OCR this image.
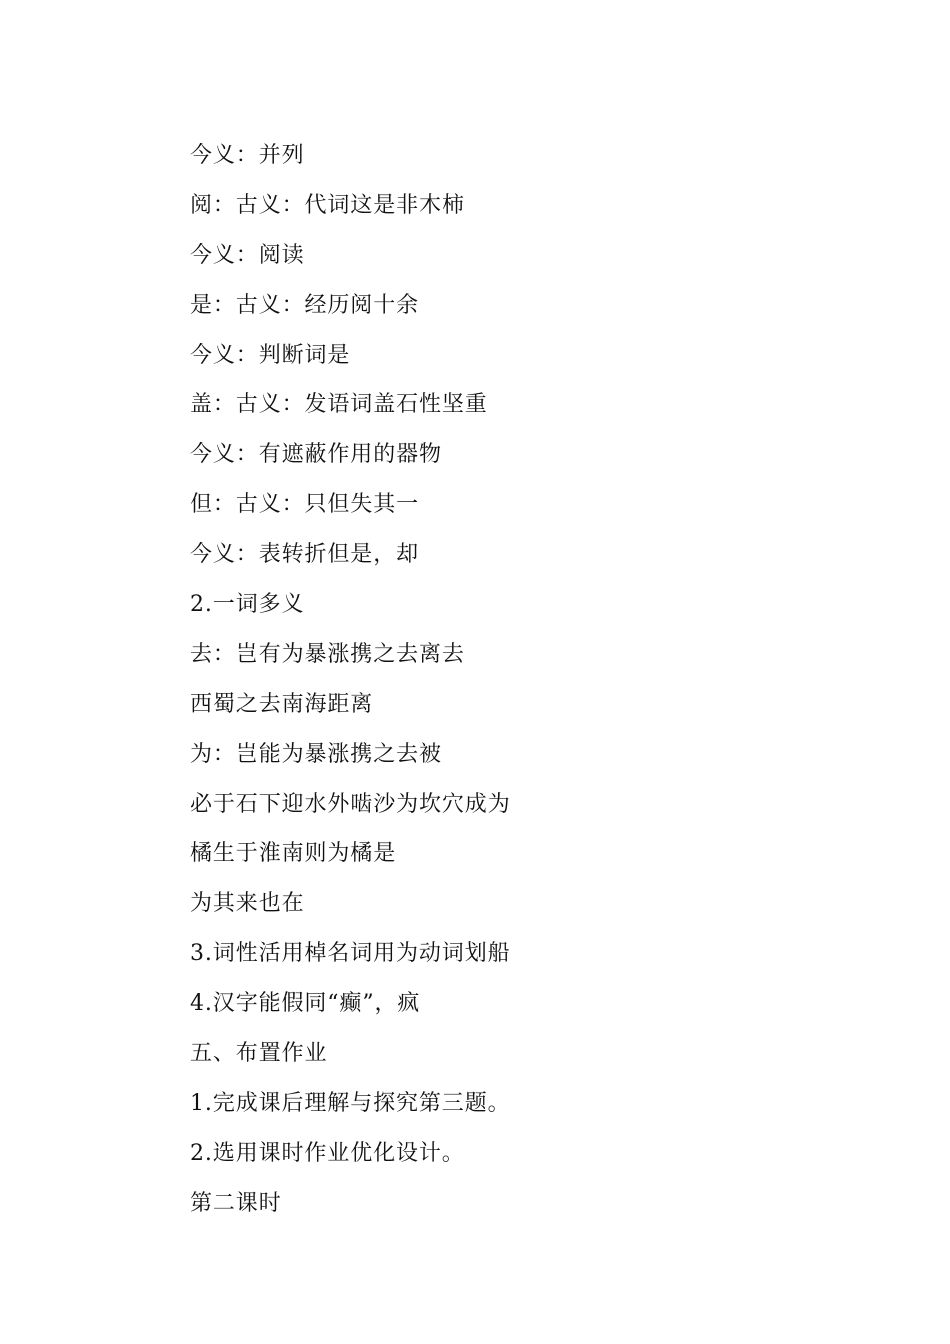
今义：并列

阅：古义：代词这是非木柿

今义：阅读

是：古义：经历阅十余

今义：判断词是

盖：古义：发语词盖石性坚重

今义：有遮蔽作用的器物

但：古义：只但失其一

今义：表转折但是，却

2.一词多义

去：岂有为暴涨携之去离去

西蜀之去南海距离

为：岂能为暴涨携之去被

必于石下迎水外啮沙为坎穴成为

橘生于淮南则为橘是

为其来也在

3.词性活用棹名词用为动词划船

4.汉字能假同“癫”，疯

五、布置作业

1.完成课后理解与探究第三题。

2.选用课时作业优化设计。

第二课时
